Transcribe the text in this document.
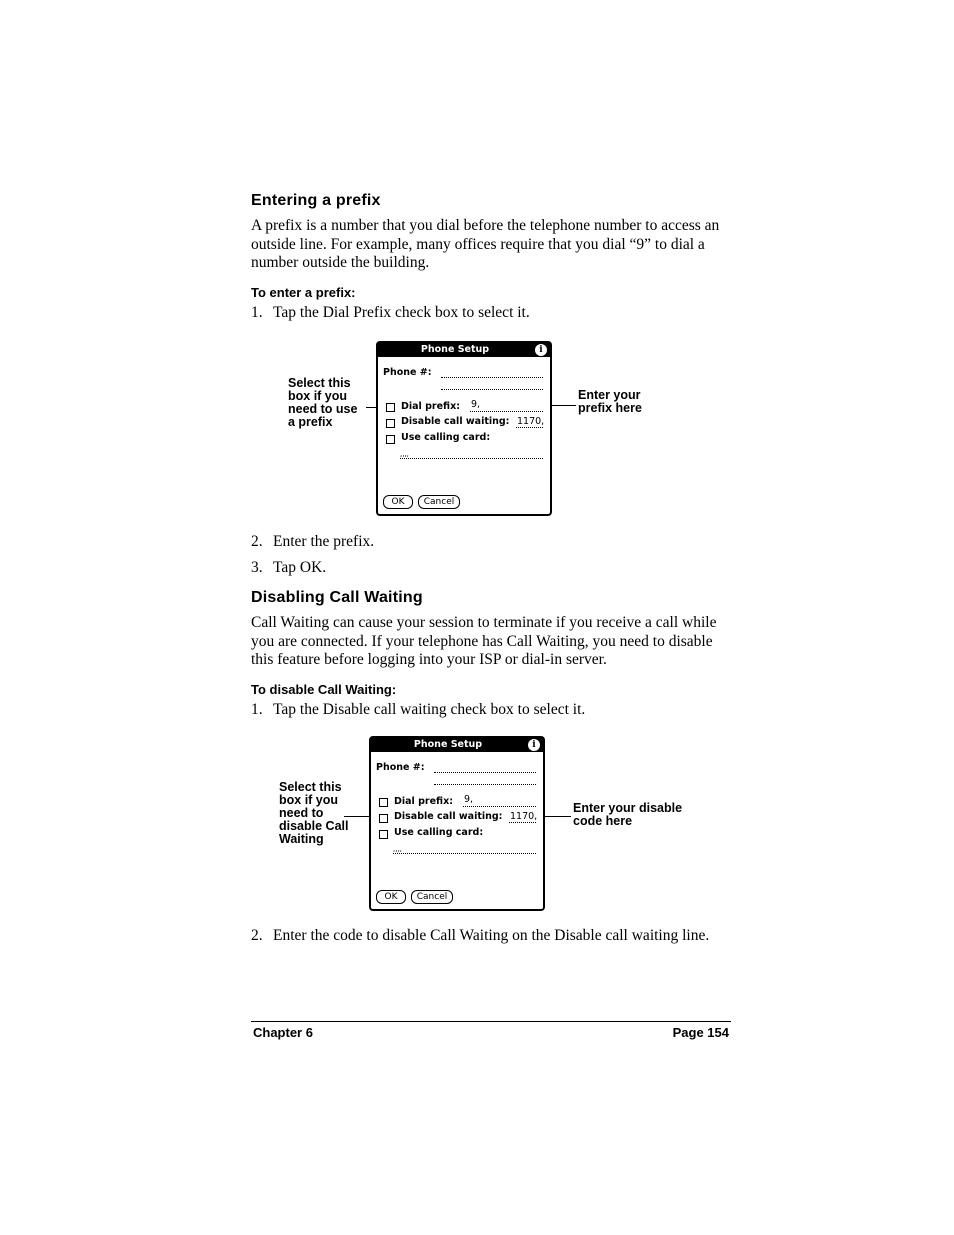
Entering a prefix
A prefix is a number that you dial before the telephone number to access an outside line. For example, many offices require that you dial “9” to dial a number outside the building.
To enter a prefix:
1. Tap the Dial Prefix check box to select it.
Select this
box if you
need to use
a prefix
Enter your
prefix here
Phone Setup	i
Phone #:
Dial prefix: 9,
Disable call waiting: 1170,
Use calling card:
,,,,
OK	Cancel
2. Enter the prefix.
3. Tap OK.
Disabling Call Waiting
Call Waiting can cause your session to terminate if you receive a call while you are connected. If your telephone has Call Waiting, you need to disable this feature before logging into your ISP or dial-in server.
To disable Call Waiting:
1. Tap the Disable call waiting check box to select it.
Select this
box if you
need to
disable Call
Waiting
Enter your disable
code here
Phone Setup	i
Phone #:
Dial prefix: 9,
Disable call waiting: 1170,
Use calling card:
,,,,
OK	Cancel
2. Enter the code to disable Call Waiting on the Disable call waiting line.
Chapter 6	Page 154
